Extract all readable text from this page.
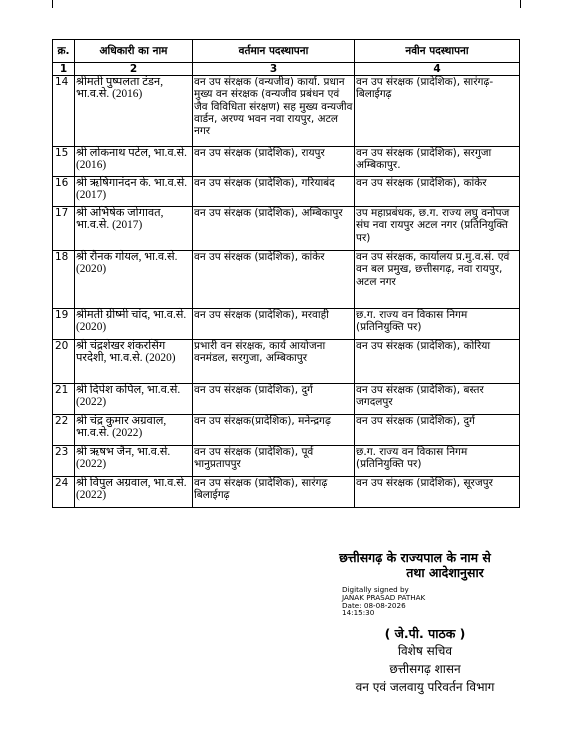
क्र.	अधिकारी का नाम	वर्तमान पदस्थापना	नवीन पदस्थापना
1	2	3	4
14	श्रीमती पुष्पलता टंडन, भा.व.से. (2016)	वन उप संरक्षक (वन्यजीव) कार्या. प्रधान मुख्य वन संरक्षक (वन्यजीव प्रबंधन एवं जैव विविधिता संरक्षण) सह मुख्य वन्यजीव वार्डन, अरण्य भवन नवा रायपुर, अटल नगर	वन उप संरक्षक (प्रादेशिक), सारंगढ़-बिलाईगढ़
15	श्री लोकनाथ पटेल, भा.व.से. (2016)	वन उप संरक्षक (प्रादेशिक), रायपुर	वन उप संरक्षक (प्रादेशिक), सरगुजा अम्बिकापुर.
16	श्री ऋषिगानंदन के. भा.व.से. (2017)	वन उप संरक्षक (प्रादेशिक), गरियाबंद	वन उप संरक्षक (प्रादेशिक), कांकेर
17	श्री अभिषेक जोगावत, भा.व.से. (2017)	वन उप संरक्षक (प्रादेशिक), अम्बिकापुर	उप महाप्रबंधक, छ.ग. राज्य लघु वनोपज संघ नवा रायपुर अटल नगर (प्रतिनियुक्ति पर)
18	श्री रौनक गोयल, भा.व.से. (2020)	वन उप संरक्षक (प्रादेशिक), कांकेर	वन उप संरक्षक, कार्यालय प्र.मु.व.सं. एवं वन बल प्रमुख, छत्तीसगढ़, नवा रायपुर, अटल नगर
19	श्रीमती ग्रीष्मी चांद, भा.व.से. (2020)	वन उप संरक्षक (प्रादेशिक), मरवाही	छ.ग. राज्य वन विकास निगम (प्रतिनियुक्ति पर)
20	श्री चंद्रशेखर शंकरसिंग परदेशी, भा.व.से. (2020)	प्रभारी वन संरक्षक, कार्य आयोजना वनमंडल, सरगुजा, अम्बिकापुर	वन उप संरक्षक (प्रादेशिक), कोरिया
21	श्री दिपेश कपिल, भा.व.से. (2022)	वन उप संरक्षक (प्रादेशिक), दुर्ग	वन उप संरक्षक (प्रादेशिक), बस्तर जगदलपुर
22	श्री चंद्र कुमार अग्रवाल, भा.व.से. (2022)	वन उप संरक्षक(प्रादेशिक), मनेन्द्रगढ़	वन उप संरक्षक (प्रादेशिक), दुर्ग
23	श्री ऋषभ जैन, भा.व.से. (2022)	वन उप संरक्षक (प्रादेशिक), पूर्व भानुप्रतापपुर	छ.ग. राज्य वन विकास निगम (प्रतिनियुक्ति पर)
24	श्री विपुल अग्रवाल, भा.व.से. (2022)	वन उप संरक्षक (प्रादेशिक), सारंगढ़ बिलाईगढ़	वन उप संरक्षक (प्रादेशिक), सूरजपुर
छत्तीसगढ़ के राज्यपाल के नाम से
तथा आदेशानुसार
Digitally signed by
JANAK PRASAD PATHAK
Date: 08-08-2026
14:15:30
( जे.पी. पाठक )
विशेष सचिव
छत्तीसगढ़ शासन
वन एवं जलवायु परिवर्तन विभाग
